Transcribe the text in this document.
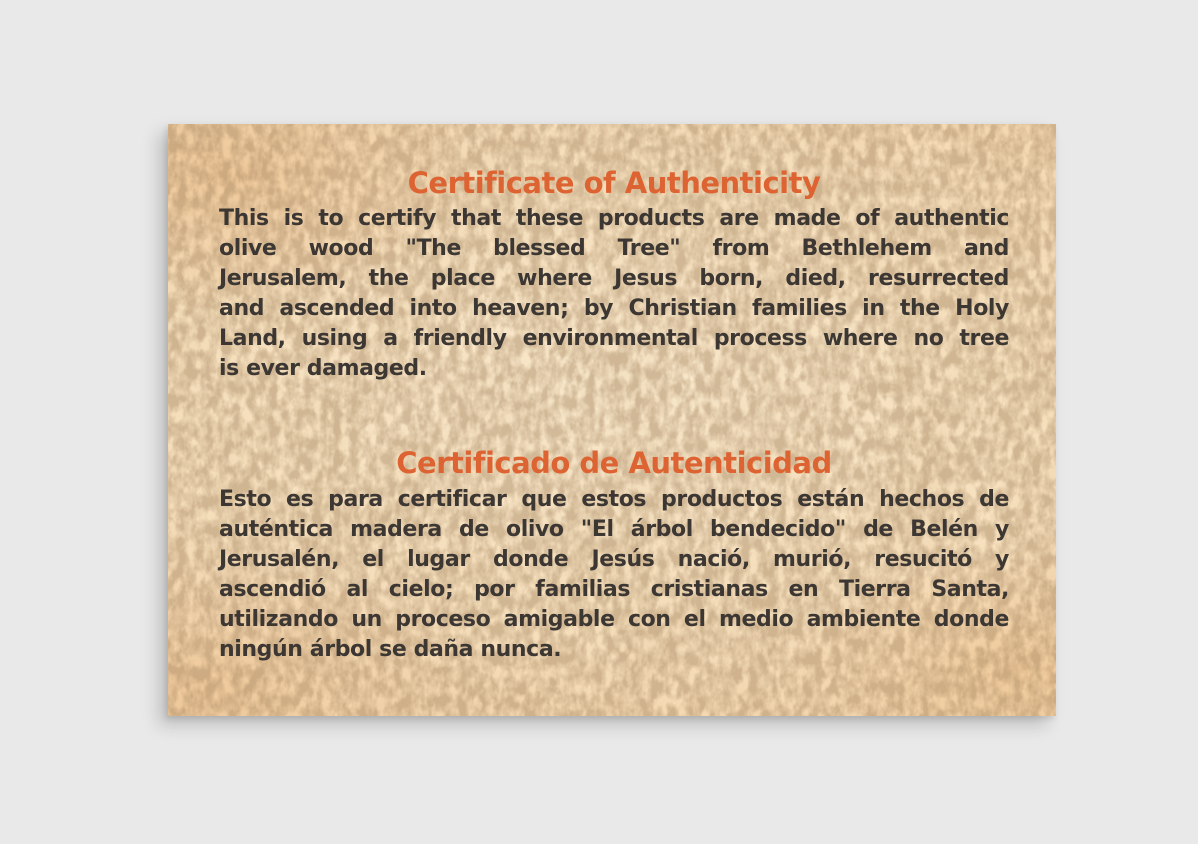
Certificate of Authenticity
This is to certify that these products are made of authentic
olive wood "The blessed Tree" from Bethlehem and
Jerusalem, the place where Jesus born, died, resurrected
and ascended into heaven; by Christian families in the Holy
Land, using a friendly environmental process where no tree
is ever damaged.
Certificado de Autenticidad
Esto es para certificar que estos productos están hechos de
auténtica madera de olivo "El árbol bendecido" de Belén y
Jerusalén, el lugar donde Jesús nació, murió, resucitó y
ascendió al cielo; por familias cristianas en Tierra Santa,
utilizando un proceso amigable con el medio ambiente donde
ningún árbol se daña nunca.
